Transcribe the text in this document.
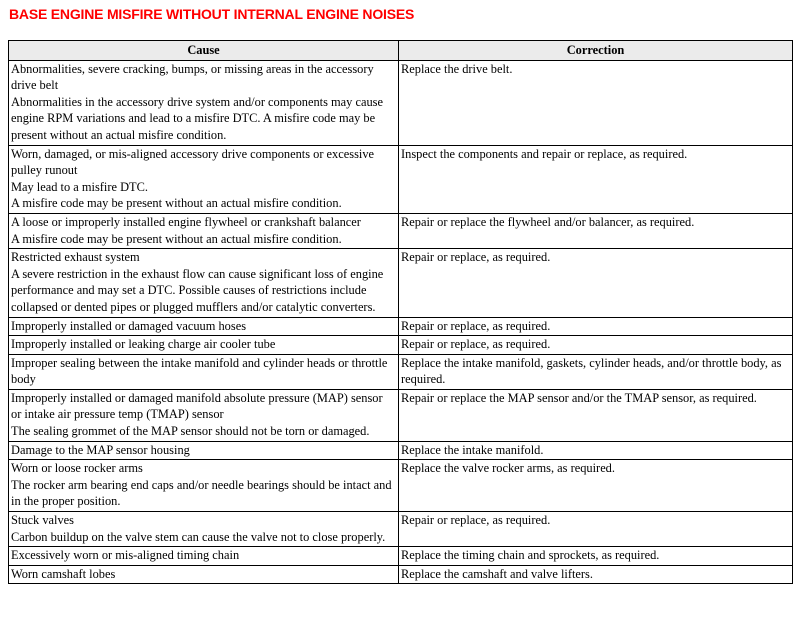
BASE ENGINE MISFIRE WITHOUT INTERNAL ENGINE NOISES
Cause	Correction

Abnormalities, severe cracking, bumps, or missing areas in the accessory drive belt
Abnormalities in the accessory drive system and/or components may cause engine RPM variations and lead to a misfire DTC. A misfire code may be present without an actual misfire condition.	Replace the drive belt.

Worn, damaged, or mis-aligned accessory drive components or excessive pulley runout
May lead to a misfire DTC.
A misfire code may be present without an actual misfire condition.	Inspect the components and repair or replace, as required.

A loose or improperly installed engine flywheel or crankshaft balancer
A misfire code may be present without an actual misfire condition.	Repair or replace the flywheel and/or balancer, as required.

Restricted exhaust system
A severe restriction in the exhaust flow can cause significant loss of engine performance and may set a DTC. Possible causes of restrictions include collapsed or dented pipes or plugged mufflers and/or catalytic converters.	Repair or replace, as required.

Improperly installed or damaged vacuum hoses	Repair or replace, as required.

Improperly installed or leaking charge air cooler tube	Repair or replace, as required.

Improper sealing between the intake manifold and cylinder heads or throttle body	Replace the intake manifold, gaskets, cylinder heads, and/or throttle body, as required.

Improperly installed or damaged manifold absolute pressure (MAP) sensor or intake air pressure temp (TMAP) sensor
The sealing grommet of the MAP sensor should not be torn or damaged.	Repair or replace the MAP sensor and/or the TMAP sensor, as required.

Damage to the MAP sensor housing	Replace the intake manifold.

Worn or loose rocker arms
The rocker arm bearing end caps and/or needle bearings should be intact and in the proper position.	Replace the valve rocker arms, as required.

Stuck valves
Carbon buildup on the valve stem can cause the valve not to close properly.	Repair or replace, as required.

Excessively worn or mis-aligned timing chain	Replace the timing chain and sprockets, as required.

Worn camshaft lobes	Replace the camshaft and valve lifters.
